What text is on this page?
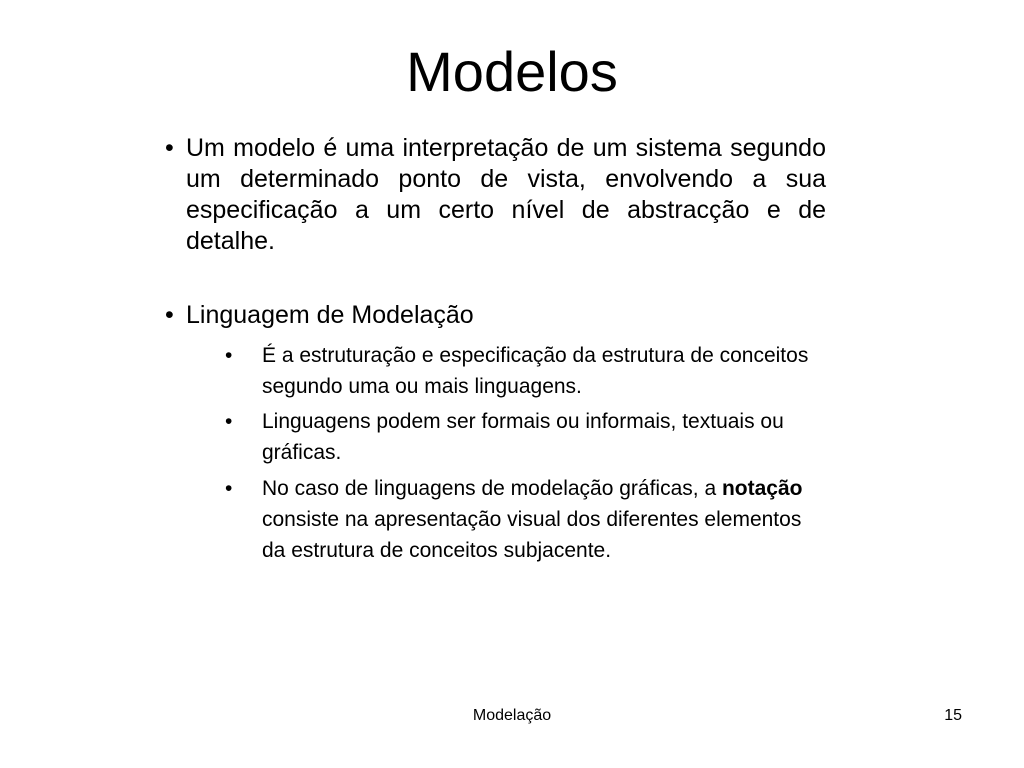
Modelos
• Um modelo é uma interpretação de um sistema segundo um determinado ponto de vista, envolvendo a sua especificação a um certo nível de abstracção e de detalhe.
• Linguagem de Modelação
• É a estruturação e especificação da estrutura de conceitos segundo uma ou mais linguagens.
• Linguagens podem ser formais ou informais, textuais ou gráficas.
• No caso de linguagens de modelação gráficas, a notação consiste na apresentação visual dos diferentes elementos da estrutura de conceitos subjacente.
Modelação	15
